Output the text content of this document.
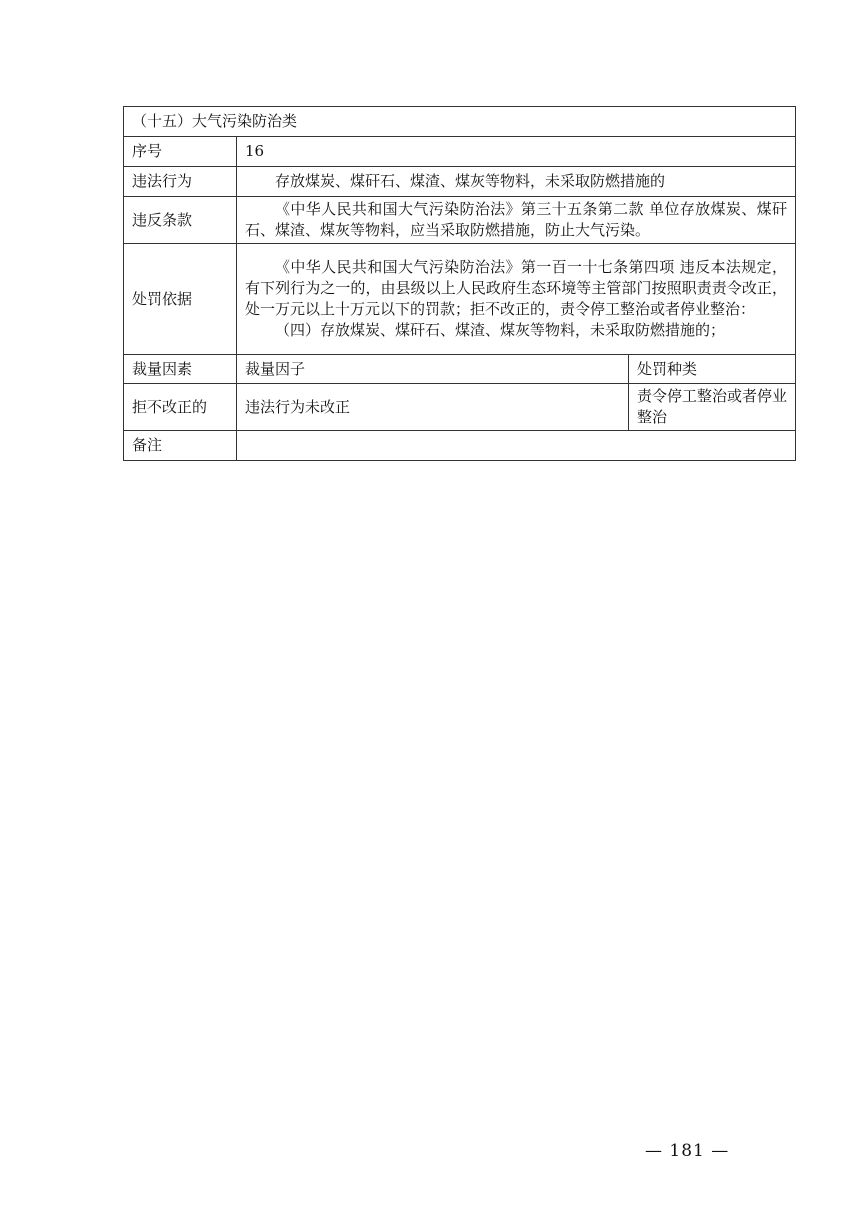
（十五）大气污染防治类		
序号	16	
违法行为	存放煤炭、煤矸石、煤渣、煤灰等物料，未采取防燃措施的	
违反条款	《中华人民共和国大气污染防治法》第三十五条第二款 单位存放煤炭、煤矸石、煤渣、煤灰等物料，应当采取防燃措施，防止大气污染。	

处罚依据	《中华人民共和国大气污染防治法》第一百一十七条第四项 违反本法规定，有下列行为之一的，由县级以上人民政府生态环境等主管部门按照职责责令改正，处一万元以上十万元以下的罚款；拒不改正的，责令停工整治或者停业整治：

（四）存放煤炭、煤矸石、煤渣、煤灰等物料，未采取防燃措施的；	

裁量因素	裁量因子	处罚种类
拒不改正的	违法行为未改正	责令停工整治或者停业整治
备注		
— 181 —
